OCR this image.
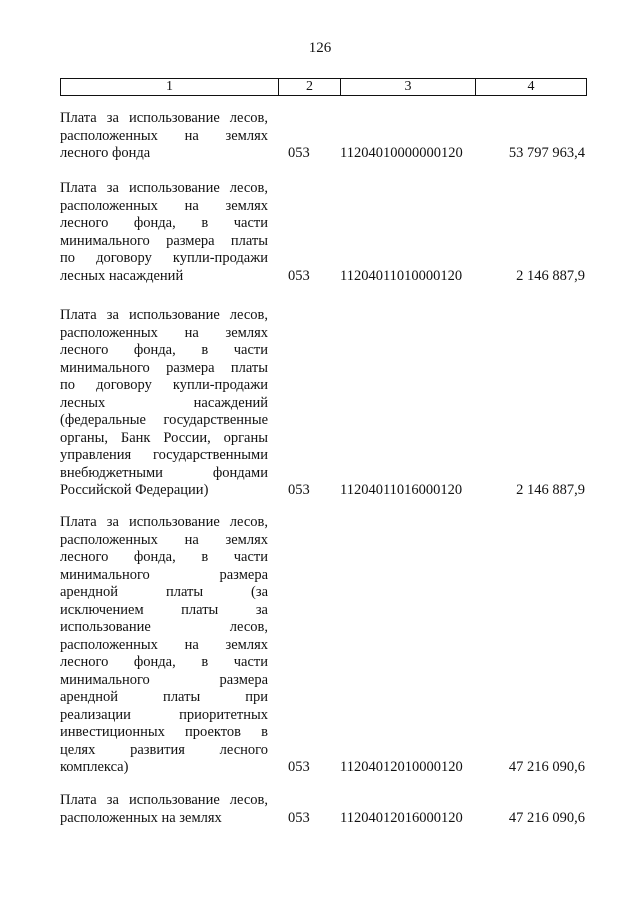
126
1	2	3	4
Плата за использование лесов,
расположенных на землях
лесного фонда	053 11204010000000120	53 797 963,4
Плата за использование лесов,
расположенных на землях
лесного фонда, в части
минимального размера платы
по договору купли-продажи
лесных насаждений	053 11204011010000120	2 146 887,9
Плата за использование лесов,
расположенных на землях
лесного фонда, в части
минимального размера платы
по договору купли-продажи
лесных насаждений
(федеральные государственные
органы, Банк России, органы
управления государственными
внебюджетными фондами
Российской Федерации)	053 11204011016000120	2 146 887,9
Плата за использование лесов,
расположенных на землях
лесного фонда, в части
минимального размера
арендной платы (за
исключением платы за
использование лесов,
расположенных на землях
лесного фонда, в части
минимального размера
арендной платы при
реализации приоритетных
инвестиционных проектов в
целях развития лесного
комплекса)	053 11204012010000120	47 216 090,6
Плата за использование лесов,
расположенных на землях	053 11204012016000120	47 216 090,6
